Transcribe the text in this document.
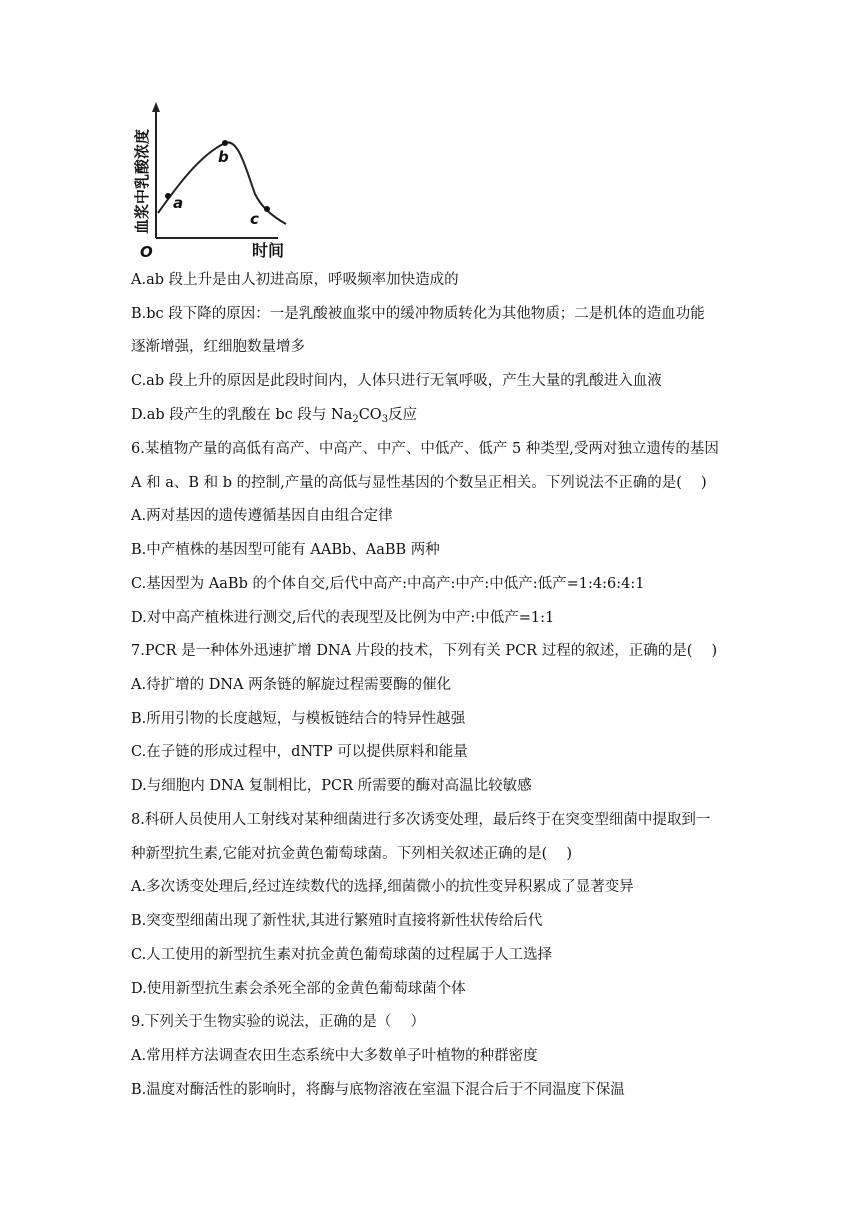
血浆中乳酸浓度
O	时间
a
b
c
A.ab 段上升是由人初进高原，呼吸频率加快造成的
B.bc 段下降的原因：一是乳酸被血浆中的缓冲物质转化为其他物质；二是机体的造血功能
逐渐增强，红细胞数量增多
C.ab 段上升的原因是此段时间内，人体只进行无氧呼吸，产生大量的乳酸进入血液
D.ab 段产生的乳酸在 bc 段与 $Na_2CO_3$反应
6.某植物产量的高低有高产、中高产、中产、中低产、低产 5 种类型,受两对独立遗传的基因
A 和 a、B 和 b 的控制,产量的高低与显性基因的个数呈正相关。下列说法不正确的是(　 )
A.两对基因的遗传遵循基因自由组合定律
B.中产植株的基因型可能有 AABb、AaBB 两种
C.基因型为 AaBb 的个体自交,后代中高产:中高产:中产:中低产:低产=1:4:6:4:1
D.对中高产植株进行测交,后代的表现型及比例为中产:中低产=1:1
7.PCR 是一种体外迅速扩增 DNA 片段的技术，下列有关 PCR 过程的叙述，正确的是(　 )
A.待扩增的 DNA 两条链的解旋过程需要酶的催化
B.所用引物的长度越短，与模板链结合的特异性越强
C.在子链的形成过程中，dNTP 可以提供原料和能量
D.与细胞内 DNA 复制相比，PCR 所需要的酶对高温比较敏感
8.科研人员使用人工射线对某种细菌进行多次诱变处理，最后终于在突变型细菌中提取到一
种新型抗生素,它能对抗金黄色葡萄球菌。下列相关叙述正确的是(　 )
A.多次诱变处理后,经过连续数代的选择,细菌微小的抗性变异积累成了显著变异
B.突变型细菌出现了新性状,其进行繁殖时直接将新性状传给后代
C.人工使用的新型抗生素对抗金黄色葡萄球菌的过程属于人工选择
D.使用新型抗生素会杀死全部的金黄色葡萄球菌个体
9.下列关于生物实验的说法，正确的是（　 ）
A.常用样方法调查农田生态系统中大多数单子叶植物的种群密度
B.温度对酶活性的影响时，将酶与底物溶液在室温下混合后于不同温度下保温
